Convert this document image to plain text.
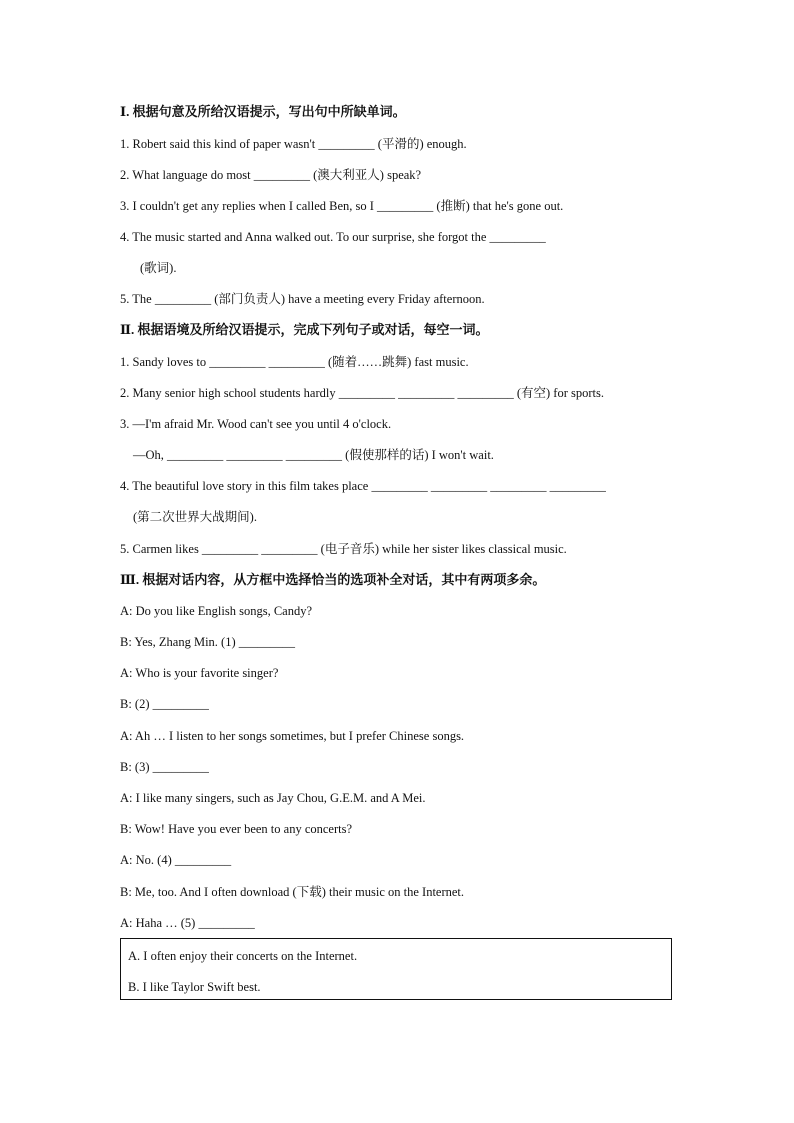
Ⅰ. 根据句意及所给汉语提示，写出句中所缺单词。
1. Robert said this kind of paper wasn't _________ (平滑的) enough.
2. What language do most _________ (澳大利亚人) speak?
3. I couldn't get any replies when I called Ben, so I _________ (推断) that he's gone out.
4. The music started and Anna walked out. To our surprise, she forgot the _________
(歌词).
5. The _________ (部门负责人) have a meeting every Friday afternoon.
Ⅱ. 根据语境及所给汉语提示，完成下列句子或对话，每空一词。
1. Sandy loves to _________ _________ (随着……跳舞) fast music.
2. Many senior high school students hardly _________ _________ _________ (有空) for sports.
3. —I'm afraid Mr. Wood can't see you until 4 o'clock.
—Oh, _________ _________ _________ (假使那样的话) I won't wait.
4. The beautiful love story in this film takes place _________ _________ _________ _________
(第二次世界大战期间).
5. Carmen likes _________ _________ (电子音乐) while her sister likes classical music.
Ⅲ. 根据对话内容，从方框中选择恰当的选项补全对话，其中有两项多余。
A: Do you like English songs, Candy?
B: Yes, Zhang Min. (1) _________
A: Who is your favorite singer?
B: (2) _________
A: Ah … I listen to her songs sometimes, but I prefer Chinese songs.
B: (3) _________
A: I like many singers, such as Jay Chou, G.E.M. and A Mei.
B: Wow! Have you ever been to any concerts?
A: No. (4) _________
B: Me, too. And I often download (下载) their music on the Internet.
A: Haha … (5) _________
A. I often enjoy their concerts on the Internet.
B. I like Taylor Swift best.
